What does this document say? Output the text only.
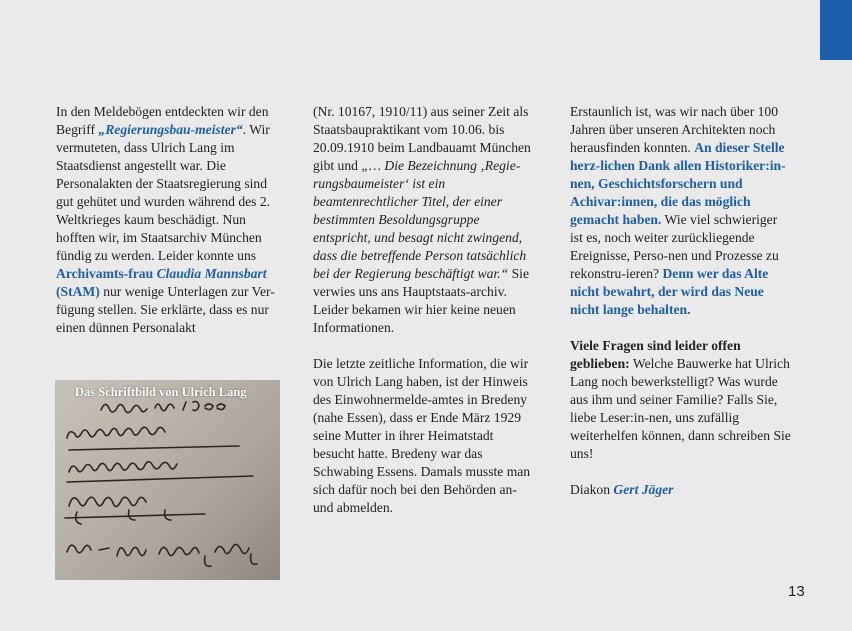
In den Meldebögen entdeckten wir den Begriff „Regierungsbau-meister“. Wir vermuteten, dass Ulrich Lang im Staatsdienst angestellt war. Die Personalakten der Staatsregierung sind gut gehütet und wurden während des 2. Weltkrieges kaum beschädigt. Nun hofften wir, im Staatsarchiv München fündig zu werden. Leider konnte uns Archivamts-frau Claudia Mannsbart (StAM) nur wenige Unterlagen zur Ver-fügung stellen. Sie erklärte, dass es nur einen dünnen Personalakt

Das Schriftbild von Ulrich Lang

(Nr. 10167, 1910/11) aus seiner Zeit als Staatsbaupraktikant vom 10.06. bis 20.09.1910 beim Landbauamt München gibt und „… Die Bezeichnung ‚Regie-rungsbaumeister‘ ist ein beamtenrechtlicher Titel, der einer bestimmten Besoldungsgruppe entspricht, und besagt nicht zwingend, dass die betreffende Person tatsächlich bei der Regierung beschäftigt war.“ Sie verwies uns ans Hauptstaats-archiv. Leider bekamen wir hier keine neuen Informationen.

Die letzte zeitliche Information, die wir von Ulrich Lang haben, ist der Hinweis des Einwohnermelde-amtes in Bredeny (nahe Essen), dass er Ende März 1929 seine Mutter in ihrer Heimatstadt besucht hatte. Bredeny war das Schwabing Essens. Damals musste man sich dafür noch bei den Behörden an- und abmelden.

Erstaunlich ist, was wir nach über 100 Jahren über unseren Architekten noch herausfinden konnten. An dieser Stelle herz-lichen Dank allen Historiker:in-nen, Geschichtsforschern und Achivar:innen, die das möglich gemacht haben. Wie viel schwieriger ist es, noch weiter zurückliegende Ereignisse, Perso-nen und Prozesse zu rekonstru-ieren? Denn wer das Alte nicht bewahrt, der wird das Neue nicht lange behalten.

Viele Fragen sind leider offen geblieben: Welche Bauwerke hat Ulrich Lang noch bewerkstelligt? Was wurde aus ihm und seiner Familie? Falls Sie, liebe Leser:in-nen, uns zufällig weiterhelfen können, dann schreiben Sie uns!

Diakon Gert Jäger

13
